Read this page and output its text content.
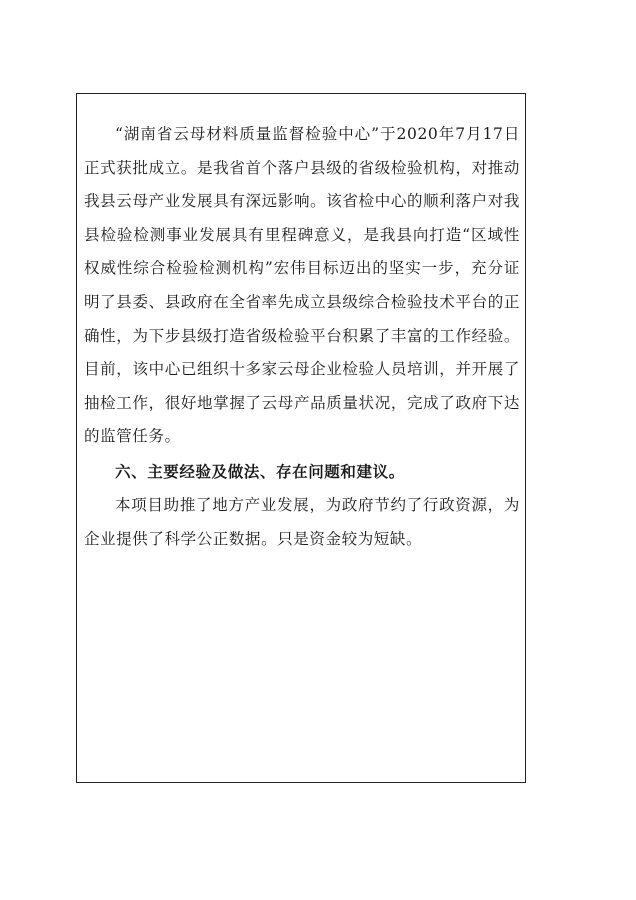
“湖南省云母材料质量监督检验中心”于2020年7月17日正式获批成立。是我省首个落户县级的省级检验机构，对推动我县云母产业发展具有深远影响。该省检中心的顺利落户对我县检验检测事业发展具有里程碑意义，是我县向打造“区域性权威性综合检验检测机构”宏伟目标迈出的坚实一步，充分证明了县委、县政府在全省率先成立县级综合检验技术平台的正确性，为下步县级打造省级检验平台积累了丰富的工作经验。目前，该中心已组织十多家云母企业检验人员培训，并开展了抽检工作，很好地掌握了云母产品质量状况，完成了政府下达的监管任务。

六、主要经验及做法、存在问题和建议。

本项目助推了地方产业发展，为政府节约了行政资源，为企业提供了科学公正数据。只是资金较为短缺。
